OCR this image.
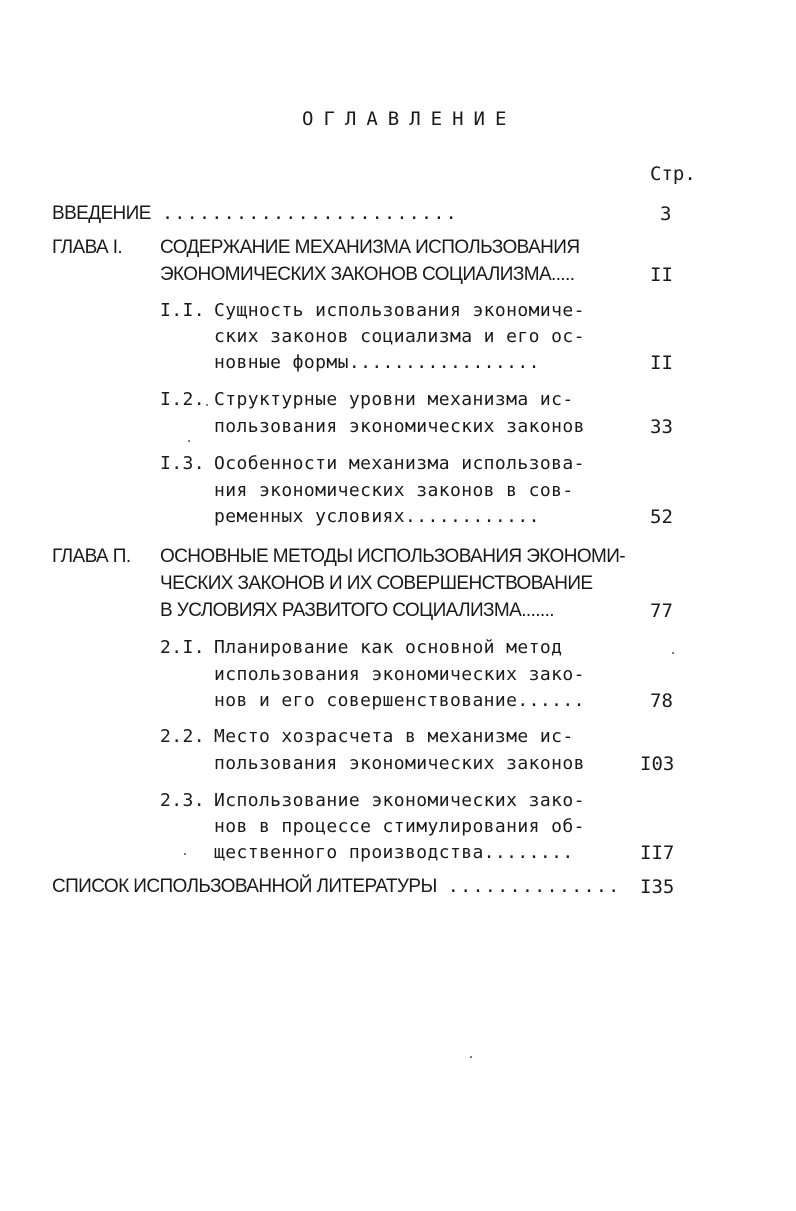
ОГЛАВЛЕНИЕ
Стр.
ВВЕДЕНИЕ ........................	3
ГЛАВА I. СОДЕРЖАНИЕ МЕХАНИЗМА ИСПОЛЬЗОВАНИЯ
ЭКОНОМИЧЕСКИХ ЗАКОНОВ СОЦИАЛИЗМА.....	II
I.I. Сущность использования экономиче-
ских законов социализма и его ос-
новные формы.................	II
I.2. Структурные уровни механизма ис-
пользования экономических законов	33
I.3. Особенности механизма использова-
ния экономических законов в сов-
ременных условиях............	52
ГЛАВА П. ОСНОВНЫЕ МЕТОДЫ ИСПОЛЬЗОВАНИЯ ЭКОНОМИ-
ЧЕСКИХ ЗАКОНОВ И ИХ СОВЕРШЕНСТВОВАНИЕ
В УСЛОВИЯХ РАЗВИТОГО СОЦИАЛИЗМА.......	77
2.I. Планирование как основной метод
использования экономических зако-
нов и его совершенствование......	78
2.2. Место хозрасчета в механизме ис-
пользования экономических законов	I03
2.3. Использование экономических зако-
нов в процессе стимулирования об-
щественного производства........	II7
СПИСОК ИСПОЛЬЗОВАННОЙ ЛИТЕРАТУРЫ .............. I35
